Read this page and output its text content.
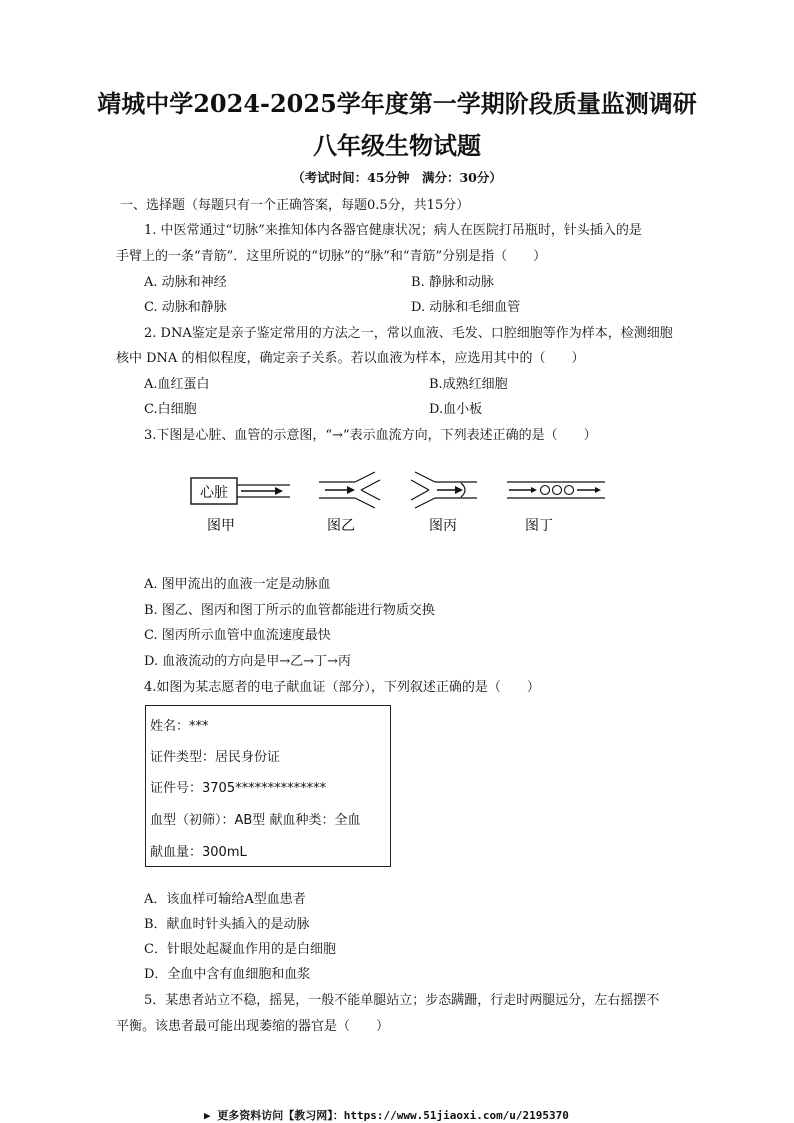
靖城中学2024-2025学年度第一学期阶段质量监测调研
八年级生物试题
（考试时间：45分钟　满分：30分）
一、选择题（每题只有一个正确答案，每题0.5分，共15分）
1. 中医常通过“切脉”来推知体内各器官健康状况；病人在医院打吊瓶时，针头插入的是
手臂上的一条“青筋”．这里所说的“切脉”的“脉”和“青筋”分别是指（　　）
A. 动脉和神经	B. 静脉和动脉
C. 动脉和静脉	D. 动脉和毛细血管
2. DNA鉴定是亲子鉴定常用的方法之一，常以血液、毛发、口腔细胞等作为样本，检测细胞
核中 DNA 的相似程度，确定亲子关系。若以血液为样本，应选用其中的（　　）
A.血红蛋白	B.成熟红细胞
C.白细胞	D.血小板
3.下图是心脏、血管的示意图，“→”表示血流方向，下列表述正确的是（　　）
心脏
图甲	图乙	图丙	图丁
A. 图甲流出的血液一定是动脉血
B. 图乙、图丙和图丁所示的血管都能进行物质交换
C. 图丙所示血管中血流速度最快
D. 血液流动的方向是甲→乙→丁→丙
4.如图为某志愿者的电子献血证（部分），下列叙述正确的是（　　）
姓名：***
证件类型：居民身份证
证件号：3705**************
血型（初筛）：AB型 献血种类：全血
献血量：300mL
A．该血样可输给A型血患者
B．献血时针头插入的是动脉
C．针眼处起凝血作用的是白细胞
D．全血中含有血细胞和血浆
5．某患者站立不稳，摇晃，一般不能单腿站立；步态蹒跚，行走时两腿远分，左右摇摆不
平衡。该患者最可能出现萎缩的器官是（　　）
▶ 更多资料访问【教习网】：https://www.51jiaoxi.com/u/2195370
